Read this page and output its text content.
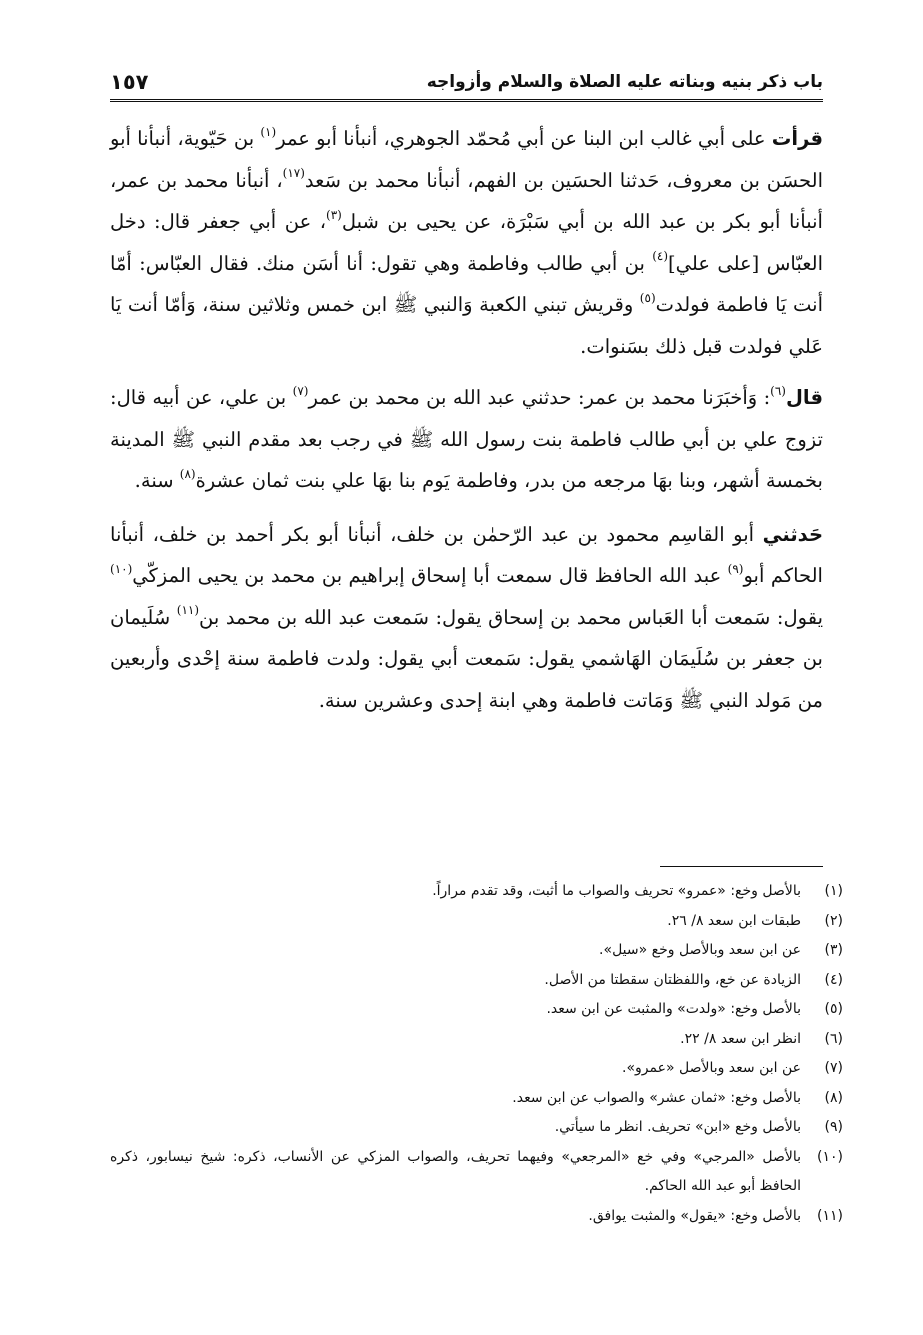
باب ذكر بنيه وبناته عليه الصلاة والسلام وأزواجه
١٥٧

قرأت على أبي غالب ابن البنا عن أبي مُحمّد الجوهري، أنبأنا أبو عمر$^{(١)}$ بن حَيّوية، أنبأنا أبو الحسَن بن معروف، حَدثنا الحسَين بن الفهم، أنبأنا محمد بن سَعد$^{(١٧)}$، أنبأنا محمد بن عمر، أنبأنا أبو بكر بن عبد الله بن أبي سَبْرَة، عن يحيى بن شبل$^{(٣)}$، عن أبي جعفر قال: دخل العبّاس [على علي]$^{(٤)}$ بن أبي طالب وفاطمة وهي تقول: أنا أسَن منك. فقال العبّاس: أمّا أنت يَا فاطمة فولدت$^{(٥)}$ وقريش تبني الكعبة وَالنبي ﷺ ابن خمس وثلاثين سنة، وَأمّا أنت يَا عَلي فولدت قبل ذلك بسَنوات.

قال$^{(٦)}$: وَأخبَرَنا محمد بن عمر: حدثني عبد الله بن محمد بن عمر$^{(٧)}$ بن علي، عن أبيه قال: تزوج علي بن أبي طالب فاطمة بنت رسول الله ﷺ في رجب بعد مقدم النبي ﷺ المدينة بخمسة أشهر، وبنا بهَا مرجعه من بدر، وفاطمة يَوم بنا بهَا علي بنت ثمان عشرة$^{(٨)}$ سنة.

حَدثني أبو القاسِم محمود بن عبد الرّحمٰن بن خلف، أنبأنا أبو بكر أحمد بن خلف، أنبأنا الحاكم أبو$^{(٩)}$ عبد الله الحافظ قال سمعت أبا إسحاق إبراهيم بن محمد بن يحيى المزكّي$^{(١٠)}$ يقول: سَمعت أبا العَباس محمد بن إسحاق يقول: سَمعت عبد الله بن محمد بن$^{(١١)}$ سُلَيمان بن جعفر بن سُلَيمَان الهَاشمي يقول: سَمعت أبي يقول: ولدت فاطمة سنة إحْدى وأربعين من مَولد النبي ﷺ وَمَاتت فاطمة وهي ابنة إحدى وعشرين سنة.

(١)
بالأصل وخع: «عمرو» تحريف والصواب ما أثبت، وقد تقدم مراراً.
(٢)
طبقات ابن سعد ٨/ ٢٦.
(٣)
عن ابن سعد وبالأصل وخع «سيل».
(٤)
الزيادة عن خع، واللفظتان سقطتا من الأصل.
(٥)
بالأصل وخع: «ولدت» والمثبت عن ابن سعد.
(٦)
انظر ابن سعد ٨/ ٢٢.
(٧)
عن ابن سعد وبالأصل «عمرو».
(٨)
بالأصل وخع: «ثمان عشر» والصواب عن ابن سعد.
(٩)
بالأصل وخع «ابن» تحريف. انظر ما سيأتي.
(١٠)
بالأصل «المرجي» وفي خع «المرجعي» وفيهما تحريف، والصواب المزكي عن الأنساب، ذكره: شيخ نيسابور، ذكره الحافظ أبو عبد الله الحاكم.
(١١)
بالأصل وخع: «يقول» والمثبت يوافق.
